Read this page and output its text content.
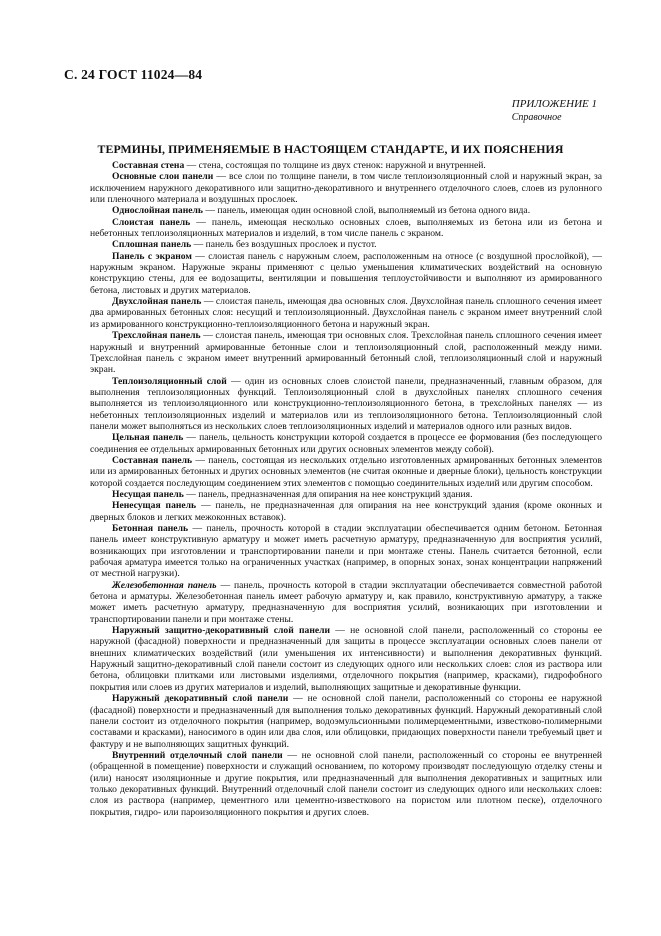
С. 24 ГОСТ 11024—84
ПРИЛОЖЕНИЕ 1
Справочное
ТЕРМИНЫ, ПРИМЕНЯЕМЫЕ В НАСТОЯЩЕМ СТАНДАРТЕ, И ИХ ПОЯСНЕНИЯ

Составная стена — стена, состоящая по толщине из двух стенок: наружной и внутренней.

Основные слои панели — все слои по толщине панели, в том числе теплоизоляционный слой и наружный экран, за исключением наружного декоративного или защитно-декоративного и внутреннего отделочного слоев, слоев из рулонного или пленочного материала и воздушных прослоек.

Однослойная панель — панель, имеющая один основной слой, выполняемый из бетона одного вида.

Слоистая панель — панель, имеющая несколько основных слоев, выполняемых из бетона или из бетона и небетонных теплоизоляционных материалов и изделий, в том числе панель с экраном.

Сплошная панель — панель без воздушных прослоек и пустот.

Панель с экраном — слоистая панель с наружным слоем, расположенным на относе (с воздушной прослойкой), — наружным экраном. Наружные экраны применяют с целью уменьшения климатических воздействий на основную конструкцию стены, для ее водозащиты, вентиляции и повышения теплоустойчивости и выполняют из армированного бетона, листовых и других материалов.

Двухслойная панель — слоистая панель, имеющая два основных слоя. Двухслойная панель сплошного сечения имеет два армированных бетонных слоя: несущий и теплоизоляционный. Двухслойная панель с экраном имеет внутренний слой из армированного конструкционно-теплоизоляционного бетона и наружный экран.

Трехслойная панель — слоистая панель, имеющая три основных слоя. Трехслойная панель сплошного сечения имеет наружный и внутренний армированные бетонные слои и теплоизоляционный слой, расположенный между ними. Трехслойная панель с экраном имеет внутренний армированный бетонный слой, теплоизоляционный слой и наружный экран.

Теплоизоляционный слой — один из основных слоев слоистой панели, предназначенный, главным образом, для выполнения теплоизоляционных функций. Теплоизоляционный слой в двухслойных панелях сплошного сечения выполняется из теплоизоляционного или конструкционно-теплоизоляционного бетона, в трехслойных панелях — из небетонных теплоизоляционных изделий и материалов или из теплоизоляционного бетона. Теплоизоляционный слой панели может выполняться из нескольких слоев теплоизоляционных изделий и материалов одного или разных видов.

Цельная панель — панель, цельность конструкции которой создается в процессе ее формования (без последующего соединения ее отдельных армированных бетонных или других основных элементов между собой).

Составная панель — панель, состоящая из нескольких отдельно изготовленных армированных бетонных элементов или из армированных бетонных и других основных элементов (не считая оконные и дверные блоки), цельность конструкции которой создается последующим соединением этих элементов с помощью соединительных изделий или другим способом.

Несущая панель — панель, предназначенная для опирания на нее конструкций здания.

Ненесущая панель — панель, не предназначенная для опирания на нее конструкций здания (кроме оконных и дверных блоков и легких межоконных вставок).

Бетонная панель — панель, прочность которой в стадии эксплуатации обеспечивается одним бетоном. Бетонная панель имеет конструктивную арматуру и может иметь расчетную арматуру, предназначенную для восприятия усилий, возникающих при изготовлении и транспортировании панели и при монтаже стены. Панель считается бетонной, если рабочая арматура имеется только на ограниченных участках (например, в опорных зонах, зонах концентрации напряжений от местной нагрузки).

Железобетонная панель — панель, прочность которой в стадии эксплуатации обеспечивается совместной работой бетона и арматуры. Железобетонная панель имеет рабочую арматуру и, как правило, конструктивную арматуру, а также может иметь расчетную арматуру, предназначенную для восприятия усилий, возникающих при изготовлении и транспортировании панели и при монтаже стены.

Наружный защитно-декоративный слой панели — не основной слой панели, расположенный со стороны ее наружной (фасадной) поверхности и предназначенный для защиты в процессе эксплуатации основных слоев панели от внешних климатических воздействий (или уменьшения их интенсивности) и выполнения декоративных функций. Наружный защитно-декоративный слой панели состоит из следующих одного или нескольких слоев: слоя из раствора или бетона, облицовки плитками или листовыми изделиями, отделочного покрытия (например, красками), гидрофобного покрытия или слоев из других материалов и изделий, выполняющих защитные и декоративные функции.

Наружный декоративный слой панели — не основной слой панели, расположенный со стороны ее наружной (фасадной) поверхности и предназначенный для выполнения только декоративных функций. Наружный декоративный слой панели состоит из отделочного покрытия (например, водоэмульсионными полимерцементными, известково-полимерными составами и красками), наносимого в один или два слоя, или облицовки, придающих поверхности панели требуемый цвет и фактуру и не выполняющих защитных функций.

Внутренний отделочный слой панели — не основной слой панели, расположенный со стороны ее внутренней (обращенной в помещение) поверхности и служащий основанием, по которому производят последующую отделку стены и (или) наносят изоляционные и другие покрытия, или предназначенный для выполнения декоративных и защитных или только декоративных функций. Внутренний отделочный слой панели состоит из следующих одного или нескольких слоев: слоя из раствора (например, цементного или цементно-известкового на пористом или плотном песке), отделочного покрытия, гидро- или пароизоляционного покрытия и других слоев.
